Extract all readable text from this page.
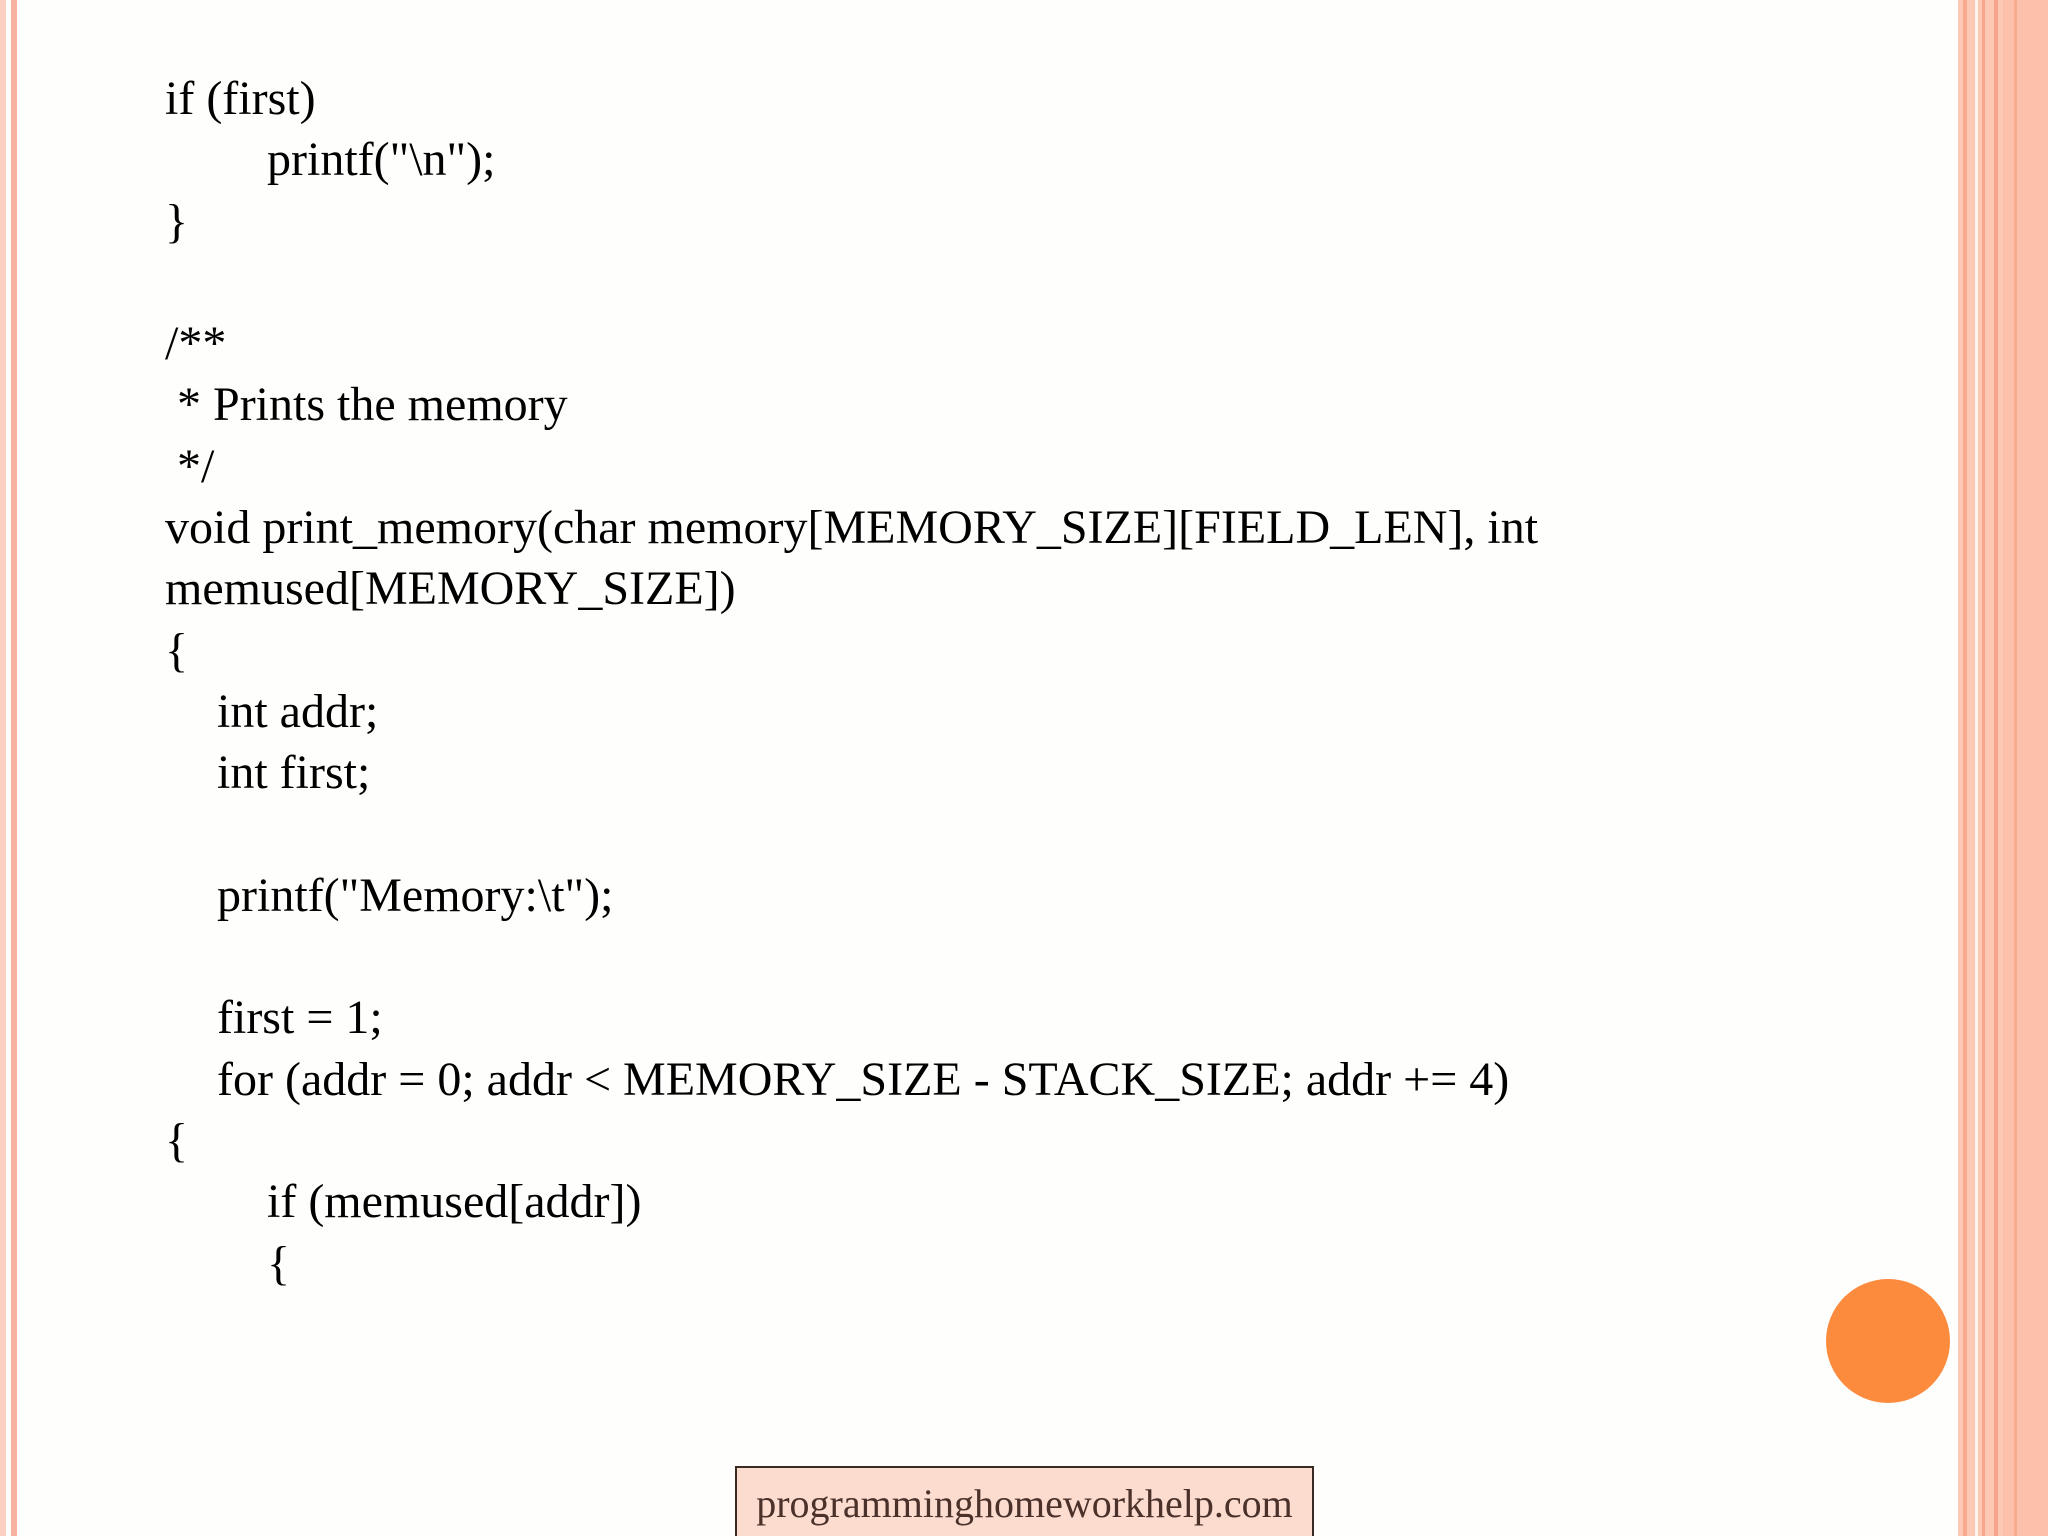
if (first)
printf("\n");
}
/**
* Prints the memory
*/
void print_memory(char memory[MEMORY_SIZE][FIELD_LEN], int
memused[MEMORY_SIZE])
{
int addr;
int first;
printf("Memory:\t");
first = 1;
for (addr = 0; addr < MEMORY_SIZE - STACK_SIZE; addr += 4)
{
if (memused[addr])
{
programminghomeworkhelp.com
